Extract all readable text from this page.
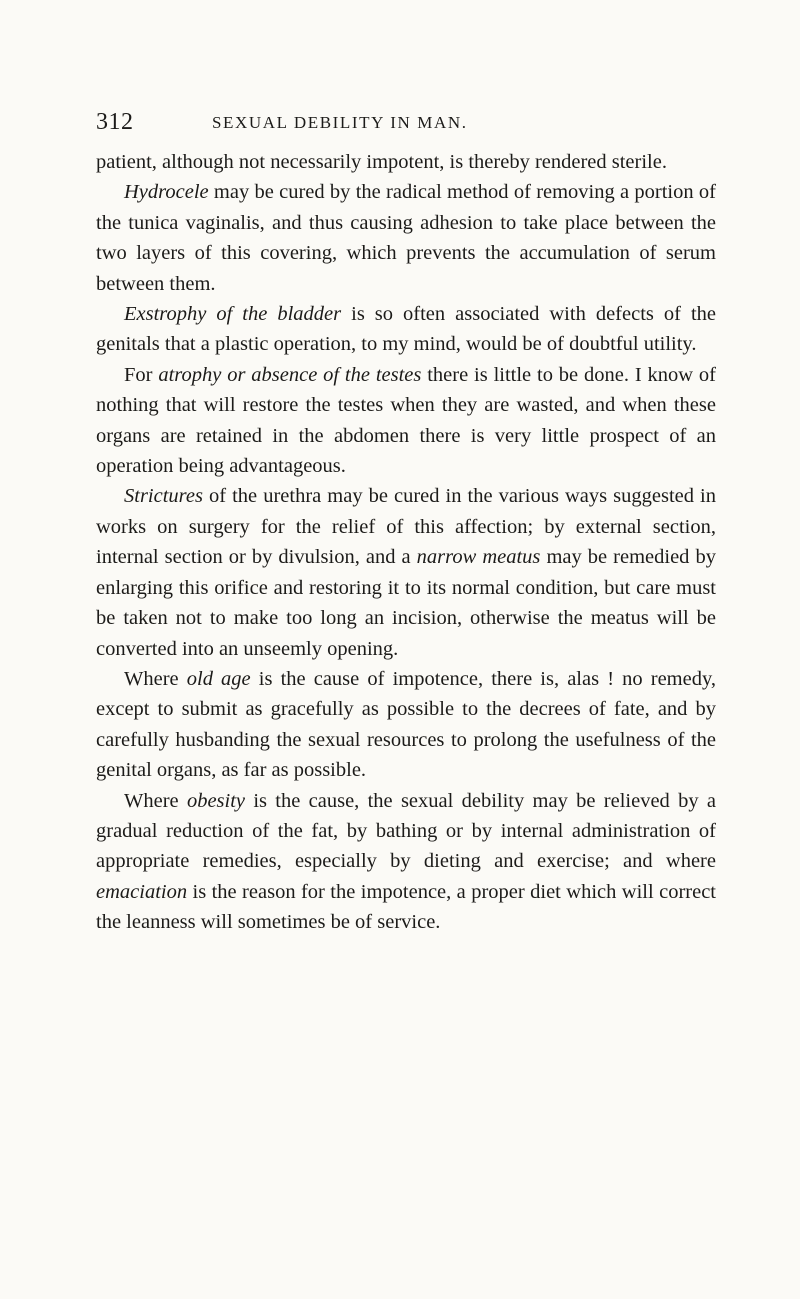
312	SEXUAL DEBILITY IN MAN.

patient, although not necessarily impotent, is thereby rendered sterile.

Hydrocele may be cured by the radical method of removing a portion of the tunica vaginalis, and thus causing adhesion to take place between the two layers of this covering, which prevents the accumulation of serum between them.

Exstrophy of the bladder is so often associated with defects of the genitals that a plastic operation, to my mind, would be of doubtful utility.

For atrophy or absence of the testes there is little to be done. I know of nothing that will restore the testes when they are wasted, and when these organs are retained in the abdomen there is very little prospect of an operation being advantageous.

Strictures of the urethra may be cured in the various ways suggested in works on surgery for the relief of this affection; by external section, internal section or by divulsion, and a narrow meatus may be remedied by enlarging this orifice and restoring it to its normal condition, but care must be taken not to make too long an incision, otherwise the meatus will be converted into an unseemly opening.

Where old age is the cause of impotence, there is, alas ! no remedy, except to submit as gracefully as possible to the decrees of fate, and by carefully husbanding the sexual resources to prolong the usefulness of the genital organs, as far as possible.

Where obesity is the cause, the sexual debility may be relieved by a gradual reduction of the fat, by bathing or by internal administration of appropriate remedies, especially by dieting and exercise; and where emaciation is the reason for the impotence, a proper diet which will correct the leanness will sometimes be of service.
